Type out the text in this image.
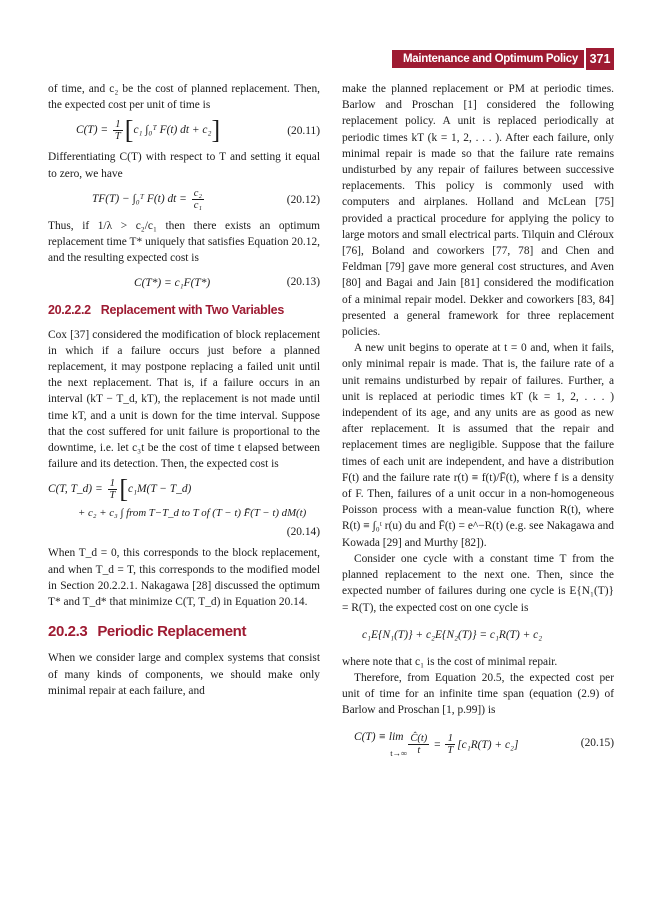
Maintenance and Optimum Policy 371

of time, and c₂ be the cost of planned replacement. Then, the expected cost per unit of time is

$C(T) = \frac{1}{T} [c_1$ ∫₀ᵀ F(t) dt + c₂]	(20.11)

Differentiating C(T) with respect to T and setting it equal to zero, we have

TF(T) − ∫₀ᵀ F(t) dt = $\frac{\text{c₂}}{\text{c₁}}$	(20.12)

Thus, if 1/λ > c₂/c₁ then there exists an optimum replacement time T* uniquely that satisfies Equation 20.12, and the resulting expected cost is

C(T*) = c₁F(T*)	(20.13)
20.2.2.2 Replacement with Two Variables

Cox [37] considered the modification of block replacement in which if a failure occurs just before a planned replacement, it may postpone replacing a failed unit until the next replacement. That is, if a failure occurs in an interval (kT − T_d, kT), the replacement is not made until time kT, and a unit is down for the time interval. Suppose that the cost suffered for unit failure is proportional to the downtime, i.e. let c₃t be the cost of time t elapsed between failure and its detection. Then, the expected cost is

C(T, T_d) = $\frac{1}{T} [c_1M(T$ − T_d)
+ c₂ + c₃ ∫ from T−T_d to T of (T − t) F̄(T − t) dM(t)
(20.14)

When T_d = 0, this corresponds to the block replacement, and when T_d = T, this corresponds to the modified model in Section 20.2.2.1. Nakagawa [28] discussed the optimum T* and T_d* that minimize C(T, T_d) in Equation 20.14.

20.2.3 Periodic Replacement

When we consider large and complex systems that consist of many kinds of components, we should make only minimal repair at each failure, and

make the planned replacement or PM at periodic times. Barlow and Proschan [1] considered the following replacement policy. A unit is replaced periodically at periodic times kT (k = 1, 2, . . . ). After each failure, only minimal repair is made so that the failure rate remains undisturbed by any repair of failures between successive replacements. This policy is commonly used with computers and airplanes. Holland and McLean [75] provided a practical procedure for applying the policy to large motors and small electrical parts. Tilquin and Cléroux [76], Boland and coworkers [77, 78] and Chen and Feldman [79] gave more general cost structures, and Aven [80] and Bagai and Jain [81] considered the modification of a minimal repair model. Dekker and coworkers [83, 84] presented a general framework for three replacement policies.

A new unit begins to operate at t = 0 and, when it fails, only minimal repair is made. That is, the failure rate of a unit remains undisturbed by repair of failures. Further, a unit is replaced at periodic times kT (k = 1, 2, . . . ) independent of its age, and any units are as good as new after replacement. It is assumed that the repair and replacement times are negligible. Suppose that the failure times of each unit are independent, and have a distribution F(t) and the failure rate r(t) ≡ f(t)/F̄(t), where f is a density of F. Then, failures of a unit occur in a non-homogeneous Poisson process with a mean-value function R(t), where R(t) ≡ ∫₀ᵗ r(u) du and F̄(t) = e^−R(t) (e.g. see Nakagawa and Kowada [29] and Murthy [82]).

Consider one cycle with a constant time T from the planned replacement to the next one. Then, since the expected number of failures during one cycle is E{N₁(T)} = R(T), the expected cost on one cycle is

c₁E{N₁(T)} + c₂E{N₂(T)} = c₁R(T) + c₂

where note that c₁ is the cost of minimal repair.

Therefore, from Equation 20.5, the expected cost per unit of time for an infinite time span (equation (2.9) of Barlow and Proschan [1, p.99]) is

C(T) ≡ lim
$t\to\infty \frac{Ĉ(t)}{t} = \frac{1}{T} [c_1R(T) + c_2]$	(20.15)
